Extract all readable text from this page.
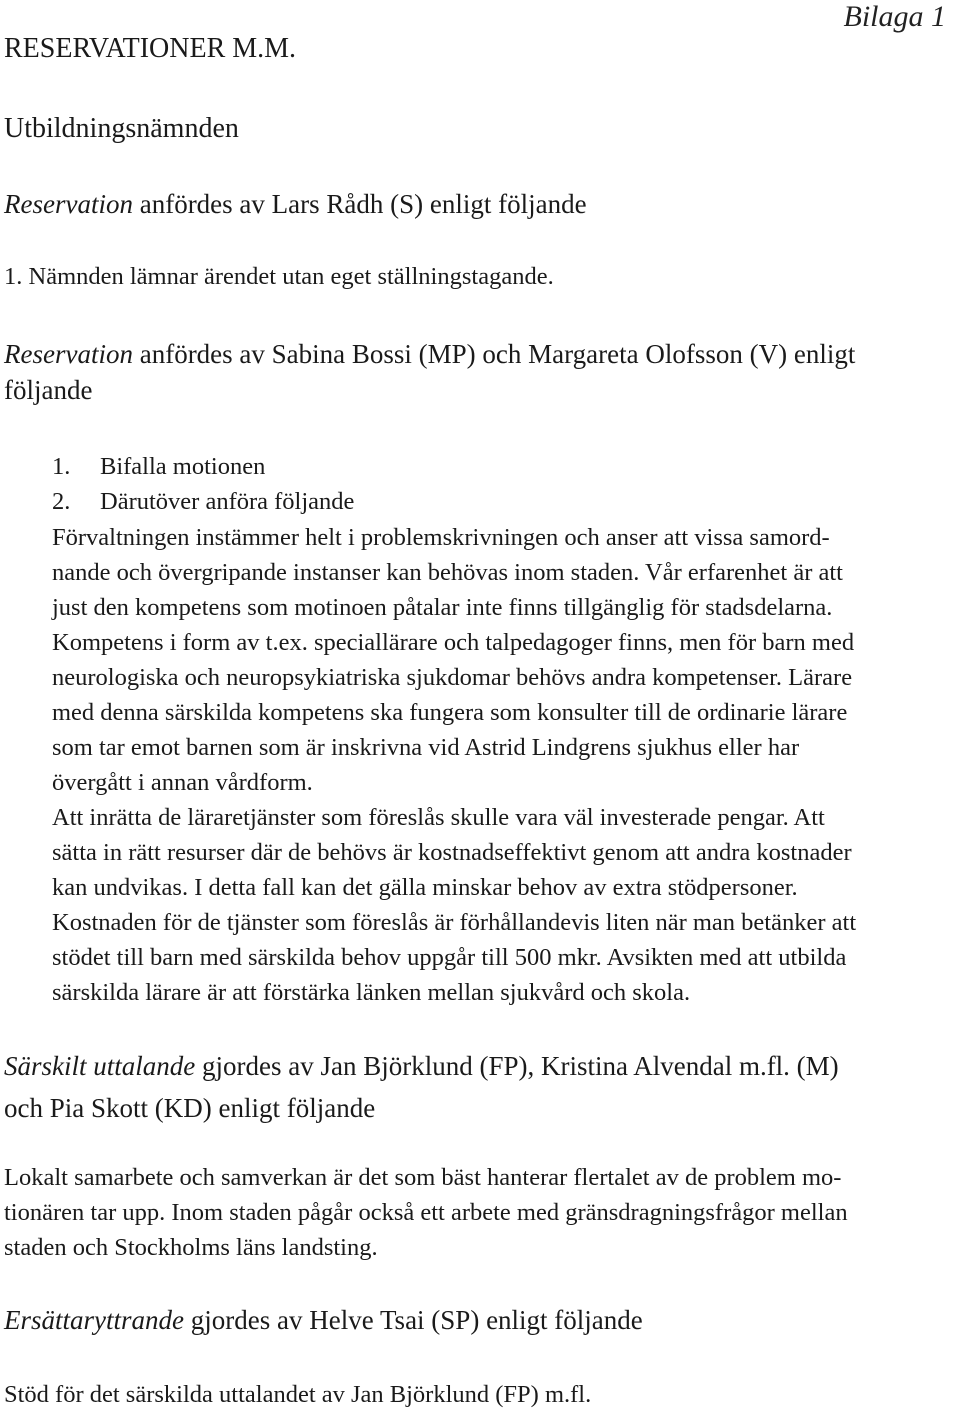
Bilaga 1
RESERVATIONER M.M.
Utbildningsnämnden
Reservation anfördes av Lars Rådh (S) enligt följande
1. Nämnden lämnar ärendet utan eget ställningstagande.
Reservation anfördes av Sabina Bossi (MP) och Margareta Olofsson (V) enligt
följande
1. Bifalla motionen
2. Därutöver anföra följande
Förvaltningen instämmer helt i problemskrivningen och anser att vissa samord-
nande och övergripande instanser kan behövas inom staden. Vår erfarenhet är att
just den kompetens som motinoen påtalar inte finns tillgänglig för stadsdelarna.
Kompetens i form av t.ex. speciallärare och talpedagoger finns, men för barn med
neurologiska och neuropsykiatriska sjukdomar behövs andra kompetenser. Lärare
med denna särskilda kompetens ska fungera som konsulter till de ordinarie lärare
som tar emot barnen som är inskrivna vid Astrid Lindgrens sjukhus eller har
övergått i annan vårdform.
Att inrätta de läraretjänster som föreslås skulle vara väl investerade pengar. Att
sätta in rätt resurser där de behövs är kostnadseffektivt genom att andra kostnader
kan undvikas. I detta fall kan det gälla minskar behov av extra stödpersoner.
Kostnaden för de tjänster som föreslås är förhållandevis liten när man betänker att
stödet till barn med särskilda behov uppgår till 500 mkr. Avsikten med att utbilda
särskilda lärare är att förstärka länken mellan sjukvård och skola.
Särskilt uttalande gjordes av Jan Björklund (FP), Kristina Alvendal m.fl. (M)
och Pia Skott (KD) enligt följande
Lokalt samarbete och samverkan är det som bäst hanterar flertalet av de problem mo-
tionären tar upp. Inom staden pågår också ett arbete med gränsdragningsfrågor mellan
staden och Stockholms läns landsting.
Ersättaryttrande gjordes av Helve Tsai (SP) enligt följande
Stöd för det särskilda uttalandet av Jan Björklund (FP) m.fl.
